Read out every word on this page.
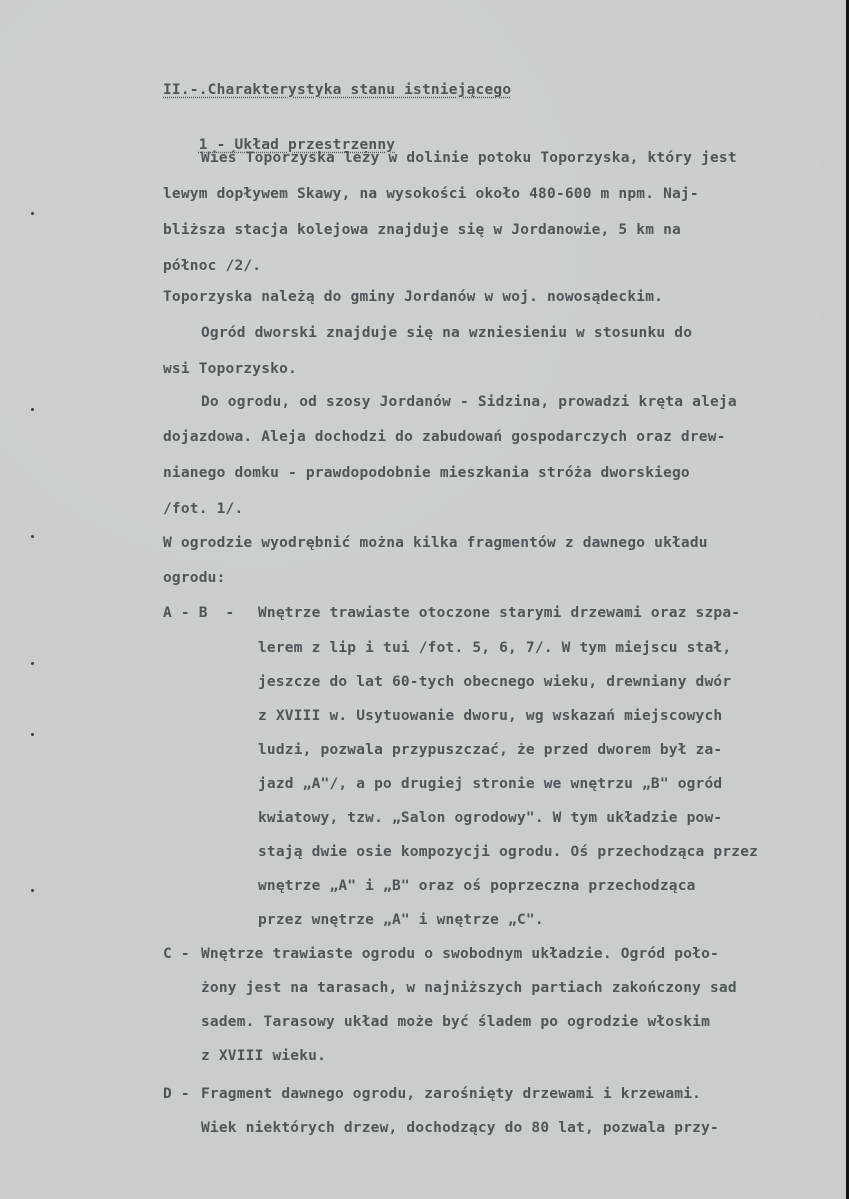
II.-.Charakterystyka stanu istniejącego

1 - Układ przestrzenny

Wieś Toporzyska leży w dolinie potoku Toporzyska, który jest
lewym dopływem Skawy, na wysokości około 480-600 m npm. Naj-
bliższa stacja kolejowa znajduje się w Jordanowie, 5 km na
północ /2/.
Toporzyska należą do gminy Jordanów w woj. nowosądeckim.
Ogród dworski znajduje się na wzniesieniu w stosunku do
wsi Toporzysko.
Do ogrodu, od szosy Jordanów - Sidzina, prowadzi kręta aleja
dojazdowa. Aleja dochodzi do zabudowań gospodarczych oraz drew-
nianego domku - prawdopodobnie mieszkania stróża dworskiego
/fot. 1/.
W ogrodzie wyodrębnić można kilka fragmentów z dawnego układu
ogrodu:
A - B  - Wnętrze trawiaste otoczone starymi drzewami oraz szpa-
lerem z lip i tui /fot. 5, 6, 7/. W tym miejscu stał,
jeszcze do lat 60-tych obecnego wieku, drewniany dwór
z XVIII w. Usytuowanie dworu, wg wskazań miejscowych
ludzi, pozwala przypuszczać, że przed dworem był za-
jazd „A"/, a po drugiej stronie we wnętrzu „B" ogród
kwiatowy, tzw. „Salon ogrodowy". W tym układzie pow-
stają dwie osie kompozycji ogrodu. Oś przechodząca przez
wnętrze „A" i „B" oraz oś poprzeczna przechodząca
przez wnętrze „A" i wnętrze „C".
C - Wnętrze trawiaste ogrodu o swobodnym układzie. Ogród poło-
żony jest na tarasach, w najniższych partiach zakończony sad
sadem. Tarasowy układ może być śladem po ogrodzie włoskim
z XVIII wieku.
D - Fragment dawnego ogrodu, zarośnięty drzewami i krzewami.
Wiek niektórych drzew, dochodzący do 80 lat, pozwala przy-
